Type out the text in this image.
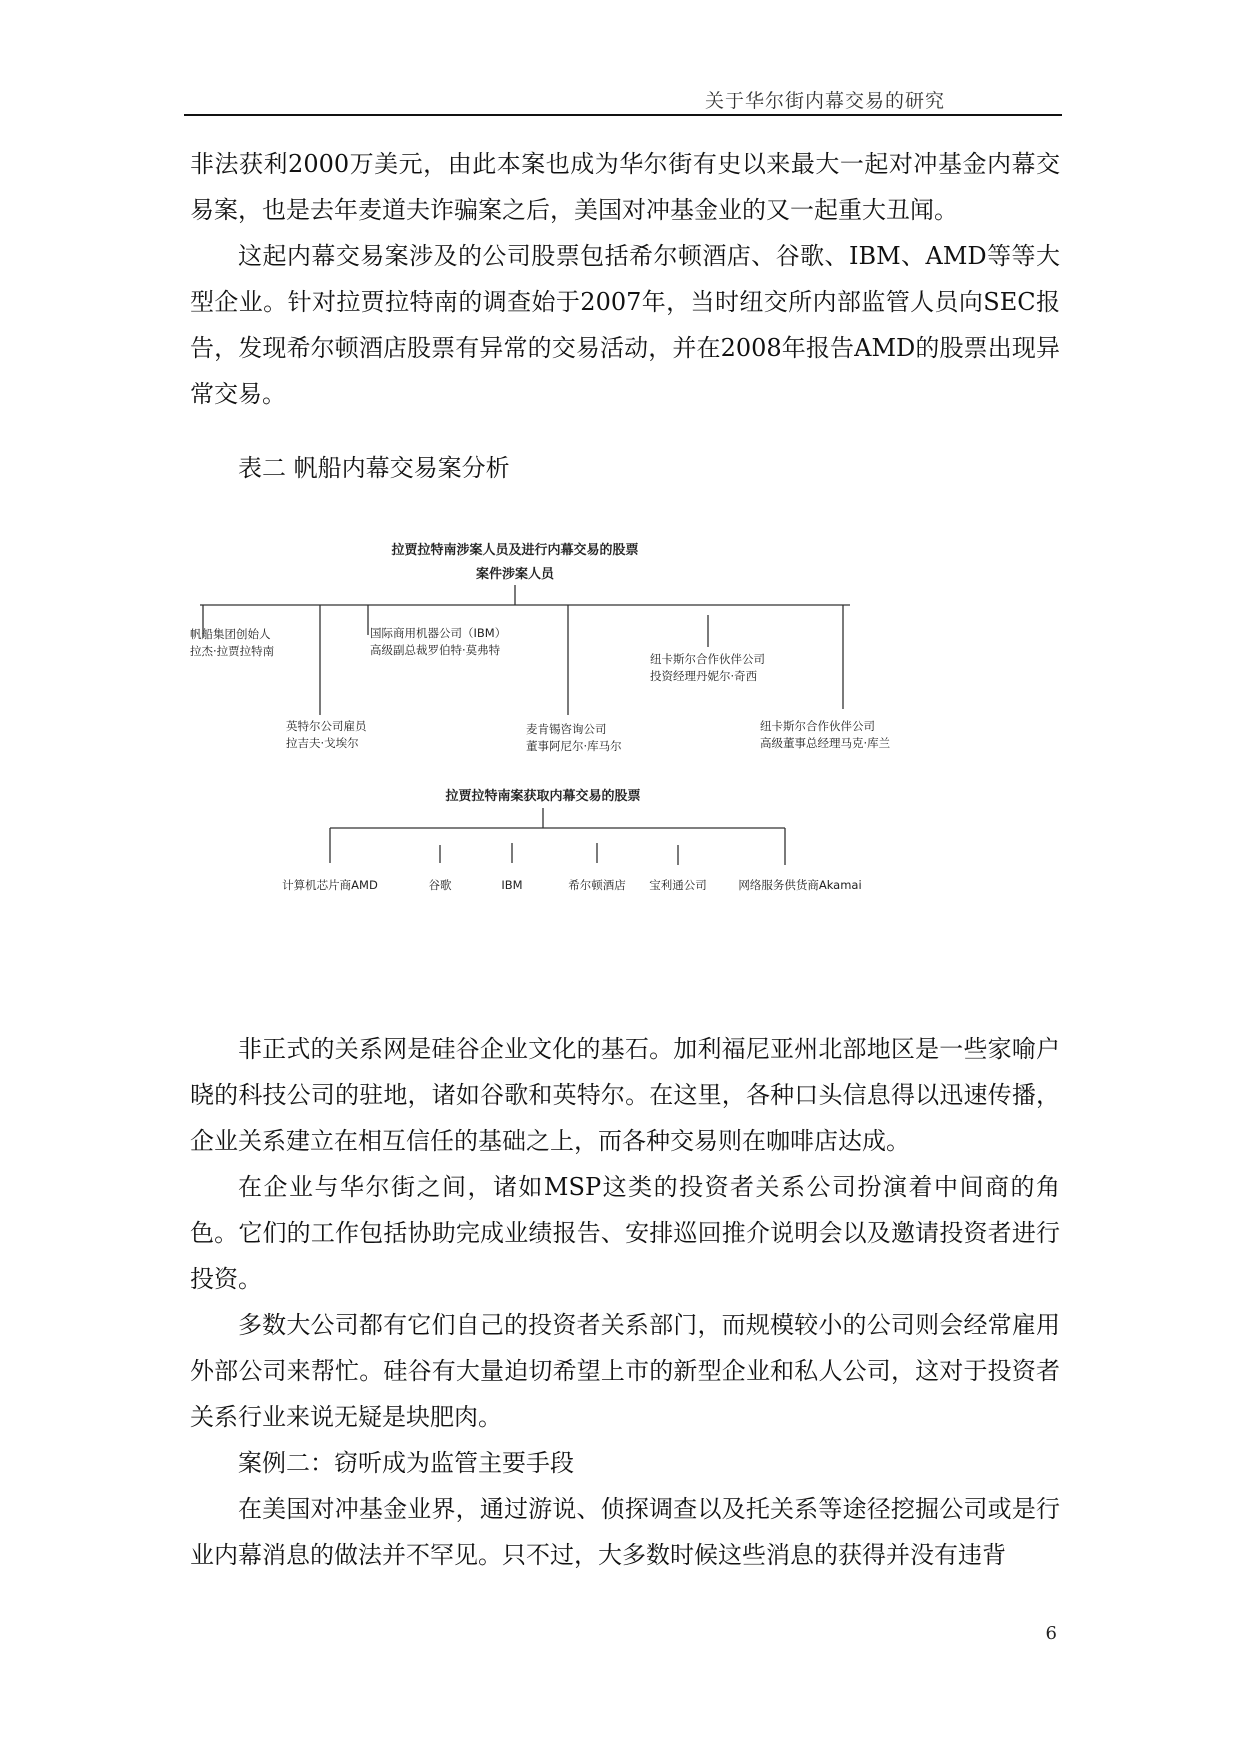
关于华尔街内幕交易的研究

非法获利2000万美元，由此本案也成为华尔街有史以来最大一起对冲基金内幕交易案，也是去年麦道夫诈骗案之后，美国对冲基金业的又一起重大丑闻。

这起内幕交易案涉及的公司股票包括希尔顿酒店、谷歌、IBM、AMD等等大型企业。针对拉贾拉特南的调查始于2007年，当时纽交所内部监管人员向SEC报告，发现希尔顿酒店股票有异常的交易活动，并在2008年报告AMD的股票出现异常交易。

表二 帆船内幕交易案分析
拉贾拉特南涉案人员及进行内幕交易的股票
案件涉案人员
帆船集团创始人
拉杰·拉贾拉特南
英特尔公司雇员
拉吉夫·戈埃尔
国际商用机器公司（IBM）
高级副总裁罗伯特·莫弗特
麦肯锡咨询公司
董事阿尼尔·库马尔
纽卡斯尔合作伙伴公司
投资经理丹妮尔·奇西
纽卡斯尔合作伙伴公司
高级董事总经理马克·库兰
拉贾拉特南案获取内幕交易的股票
计算机芯片商AMD	谷歌	IBM	希尔顿酒店 宝利通公司	网络服务供货商Akamai

非正式的关系网是硅谷企业文化的基石。加利福尼亚州北部地区是一些家喻户晓的科技公司的驻地，诸如谷歌和英特尔。在这里，各种口头信息得以迅速传播，企业关系建立在相互信任的基础之上，而各种交易则在咖啡店达成。

在企业与华尔街之间，诸如MSP这类的投资者关系公司扮演着中间商的角色。它们的工作包括协助完成业绩报告、安排巡回推介说明会以及邀请投资者进行投资。

多数大公司都有它们自己的投资者关系部门，而规模较小的公司则会经常雇用外部公司来帮忙。硅谷有大量迫切希望上市的新型企业和私人公司，这对于投资者关系行业来说无疑是块肥肉。

案例二：窃听成为监管主要手段

在美国对冲基金业界，通过游说、侦探调查以及托关系等途径挖掘公司或是行业内幕消息的做法并不罕见。只不过，大多数时候这些消息的获得并没有违背

6
